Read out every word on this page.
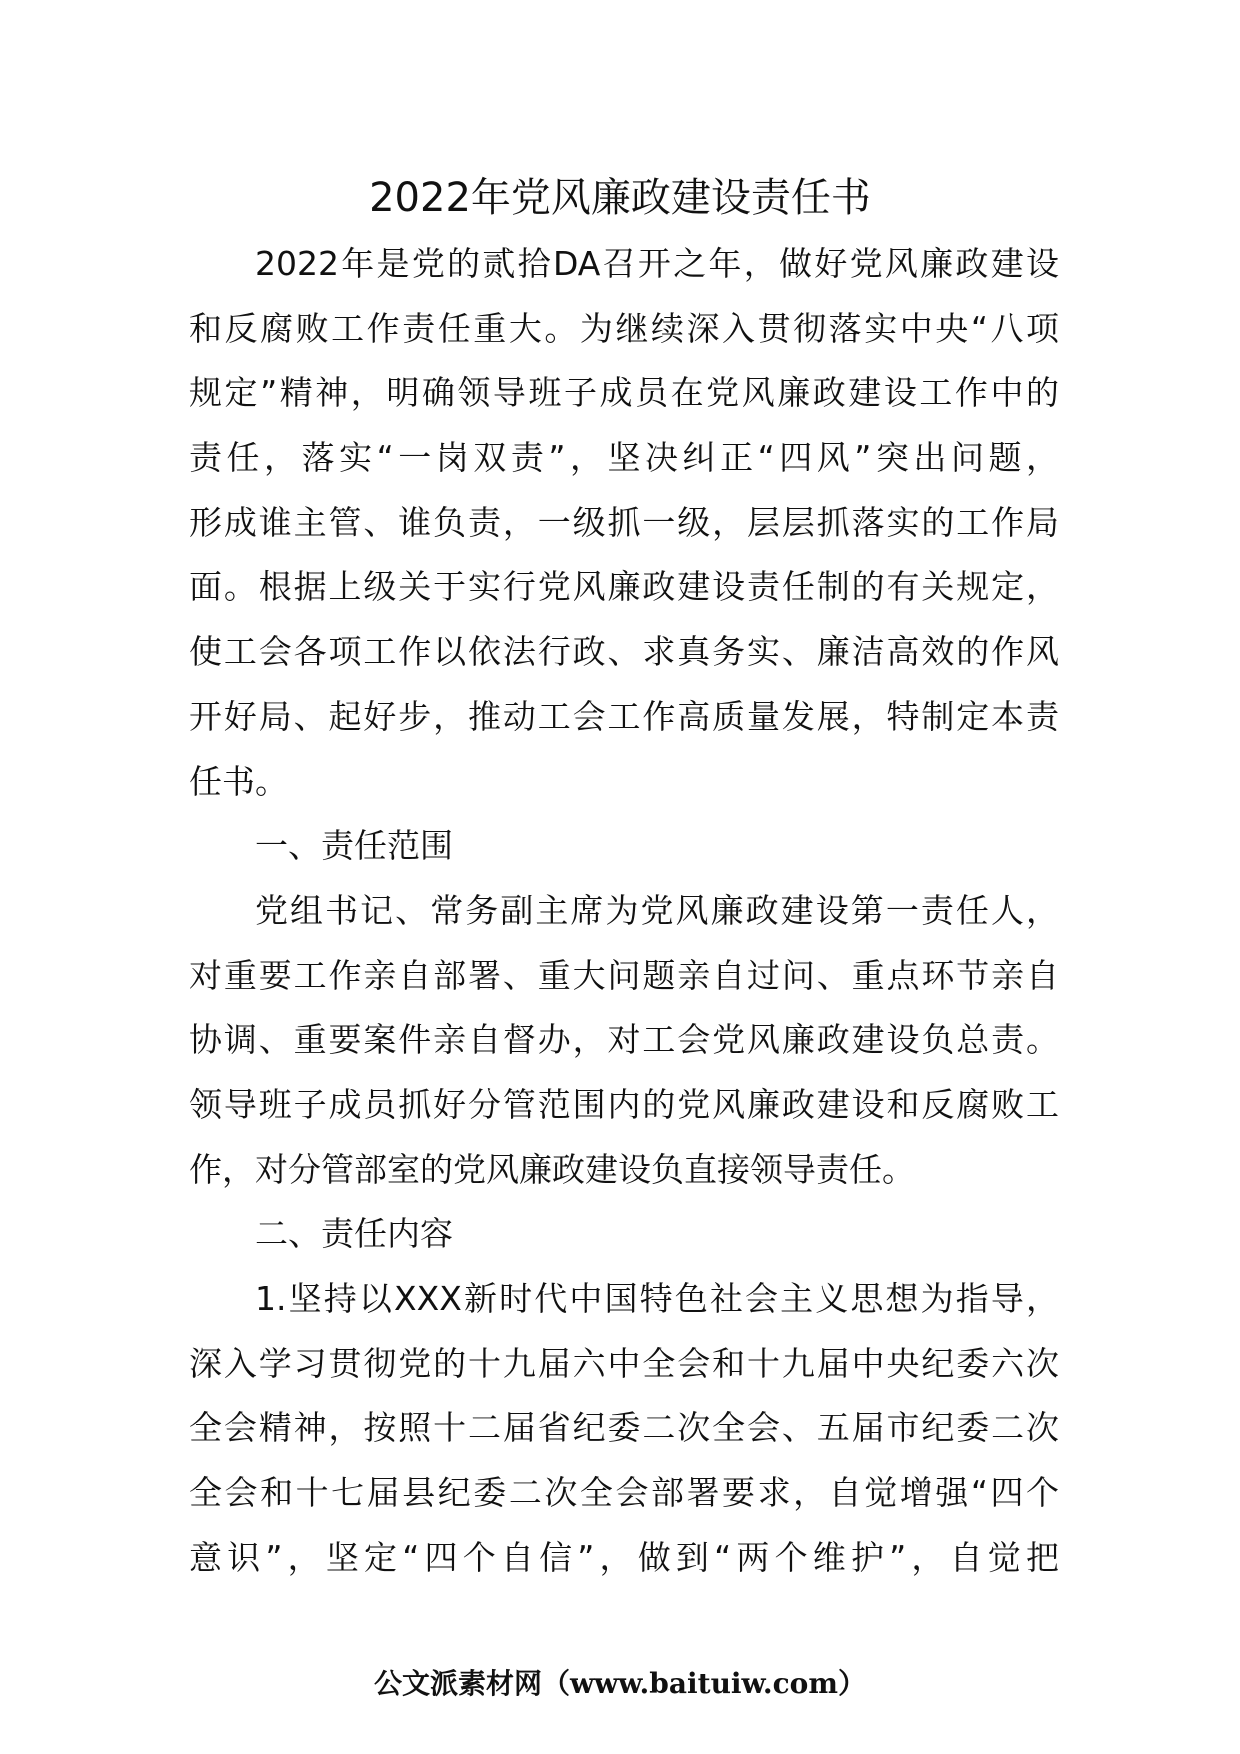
2022年党风廉政建设责任书
2022年是党的贰拾DA召开之年，做好党风廉政建设
和反腐败工作责任重大。为继续深入贯彻落实中央“八项
规定”精神，明确领导班子成员在党风廉政建设工作中的
责任，落实“一岗双责”，坚决纠正“四风”突出问题，
形成谁主管、谁负责，一级抓一级，层层抓落实的工作局
面。根据上级关于实行党风廉政建设责任制的有关规定，
使工会各项工作以依法行政、求真务实、廉洁高效的作风
开好局、起好步，推动工会工作高质量发展，特制定本责
任书。
一、责任范围
党组书记、常务副主席为党风廉政建设第一责任人，
对重要工作亲自部署、重大问题亲自过问、重点环节亲自
协调、重要案件亲自督办，对工会党风廉政建设负总责。
领导班子成员抓好分管范围内的党风廉政建设和反腐败工
作，对分管部室的党风廉政建设负直接领导责任。
二、责任内容
1.坚持以XXX新时代中国特色社会主义思想为指导，
深入学习贯彻党的十九届六中全会和十九届中央纪委六次
全会精神，按照十二届省纪委二次全会、五届市纪委二次
全会和十七届县纪委二次全会部署要求，自觉增强“四个
意识”，坚定“四个自信”，做到“两个维护”，自觉把
公文派素材网（www.baituiw.com）
